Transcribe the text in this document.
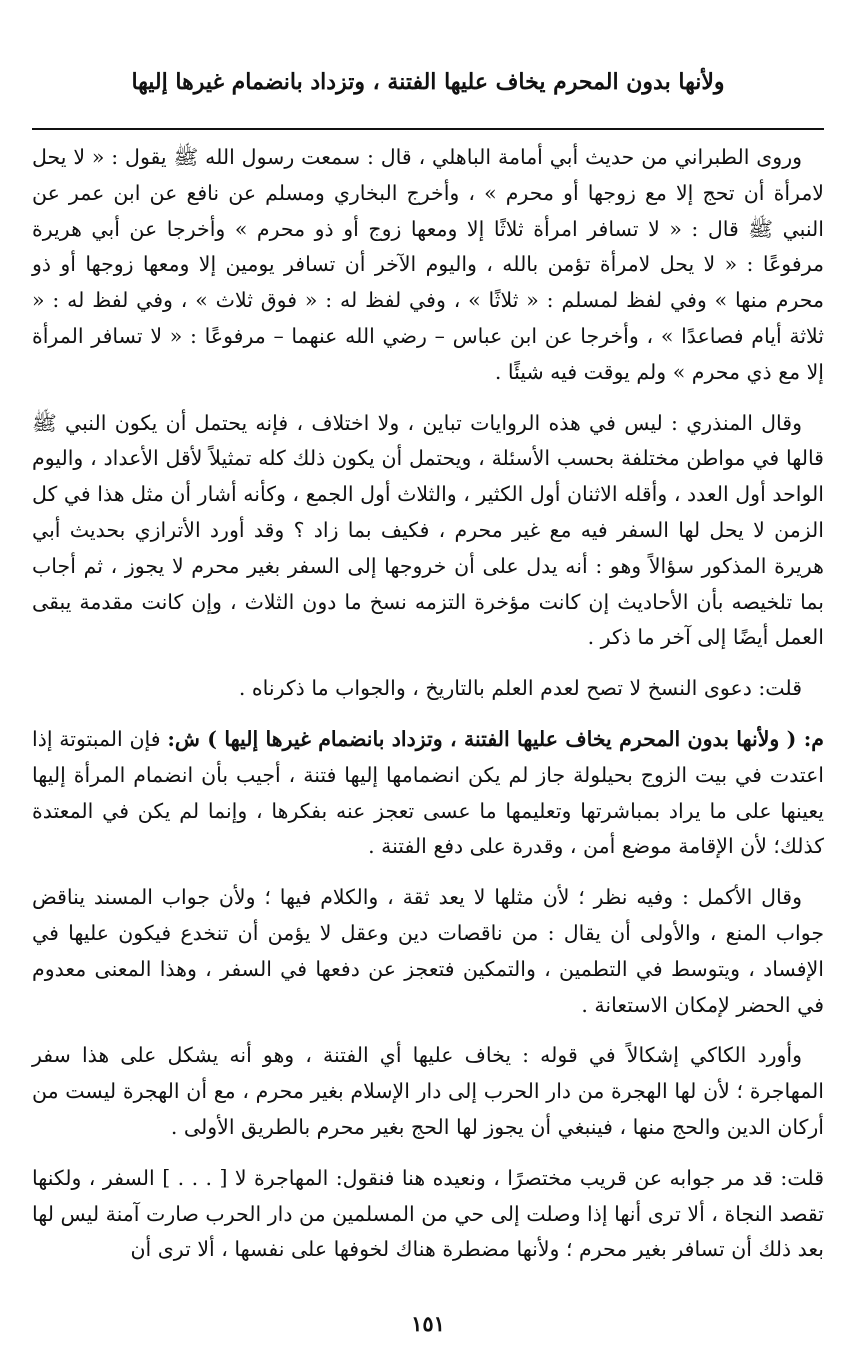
ولأنها بدون المحرم يخاف عليها الفتنة ، وتزداد بانضمام غيرها إليها

وروى الطبراني من حديث أبي أمامة الباهلي ، قال : سمعت رسول الله ﷺ يقول : « لا يحل لامرأة أن تحج إلا مع زوجها أو محرم » ، وأخرج البخاري ومسلم عن نافع عن ابن عمر عن النبي ﷺ قال : « لا تسافر امرأة ثلاثًا إلا ومعها زوج أو ذو محرم » وأخرجا عن أبي هريرة مرفوعًا : « لا يحل لامرأة تؤمن بالله ، واليوم الآخر أن تسافر يومين إلا ومعها زوجها أو ذو محرم منها » وفي لفظ لمسلم : « ثلاثًا » ، وفي لفظ له : « فوق ثلاث » ، وفي لفظ له : « ثلاثة أيام فصاعدًا » ، وأخرجا عن ابن عباس – رضي الله عنهما – مرفوعًا : « لا تسافر المرأة إلا مع ذي محرم » ولم يوقت فيه شيئًا .

وقال المنذري : ليس في هذه الروايات تباين ، ولا اختلاف ، فإنه يحتمل أن يكون النبي ﷺ قالها في مواطن مختلفة بحسب الأسئلة ، ويحتمل أن يكون ذلك كله تمثيلاً لأقل الأعداد ، واليوم الواحد أول العدد ، وأقله الاثنان أول الكثير ، والثلاث أول الجمع ، وكأنه أشار أن مثل هذا في كل الزمن لا يحل لها السفر فيه مع غير محرم ، فكيف بما زاد ؟ وقد أورد الأترازي بحديث أبي هريرة المذكور سؤالاً وهو : أنه يدل على أن خروجها إلى السفر بغير محرم لا يجوز ، ثم أجاب بما تلخيصه بأن الأحاديث إن كانت مؤخرة التزمه نسخ ما دون الثلاث ، وإن كانت مقدمة يبقى العمل أيضًا إلى آخر ما ذكر .

قلت: دعوى النسخ لا تصح لعدم العلم بالتاريخ ، والجواب ما ذكرناه .

م: ( ولأنها بدون المحرم يخاف عليها الفتنة ، وتزداد بانضمام غيرها إليها ) ش: فإن المبتوتة إذا اعتدت في بيت الزوج بحيلولة جاز لم يكن انضمامها إليها فتنة ، أجيب بأن انضمام المرأة إليها يعينها على ما يراد بمباشرتها وتعليمها ما عسى تعجز عنه بفكرها ، وإنما لم يكن في المعتدة كذلك؛ لأن الإقامة موضع أمن ، وقدرة على دفع الفتنة .

وقال الأكمل : وفيه نظر ؛ لأن مثلها لا يعد ثقة ، والكلام فيها ؛ ولأن جواب المسند يناقض جواب المنع ، والأولى أن يقال : من ناقصات دين وعقل لا يؤمن أن تنخدع فيكون عليها في الإفساد ، ويتوسط في التطمين ، والتمكين فتعجز عن دفعها في السفر ، وهذا المعنى معدوم في الحضر لإمكان الاستعانة .

وأورد الكاكي إشكالاً في قوله : يخاف عليها أي الفتنة ، وهو أنه يشكل على هذا سفر المهاجرة ؛ لأن لها الهجرة من دار الحرب إلى دار الإسلام بغير محرم ، مع أن الهجرة ليست من أركان الدين والحج منها ، فينبغي أن يجوز لها الحج بغير محرم بالطريق الأولى .

قلت: قد مر جوابه عن قريب مختصرًا ، ونعيده هنا فنقول: المهاجرة لا [ . . . ] السفر ، ولكنها تقصد النجاة ، ألا ترى أنها إذا وصلت إلى حي من المسلمين من دار الحرب صارت آمنة ليس لها بعد ذلك أن تسافر بغير محرم ؛ ولأنها مضطرة هناك لخوفها على نفسها ، ألا ترى أن

١٥١
